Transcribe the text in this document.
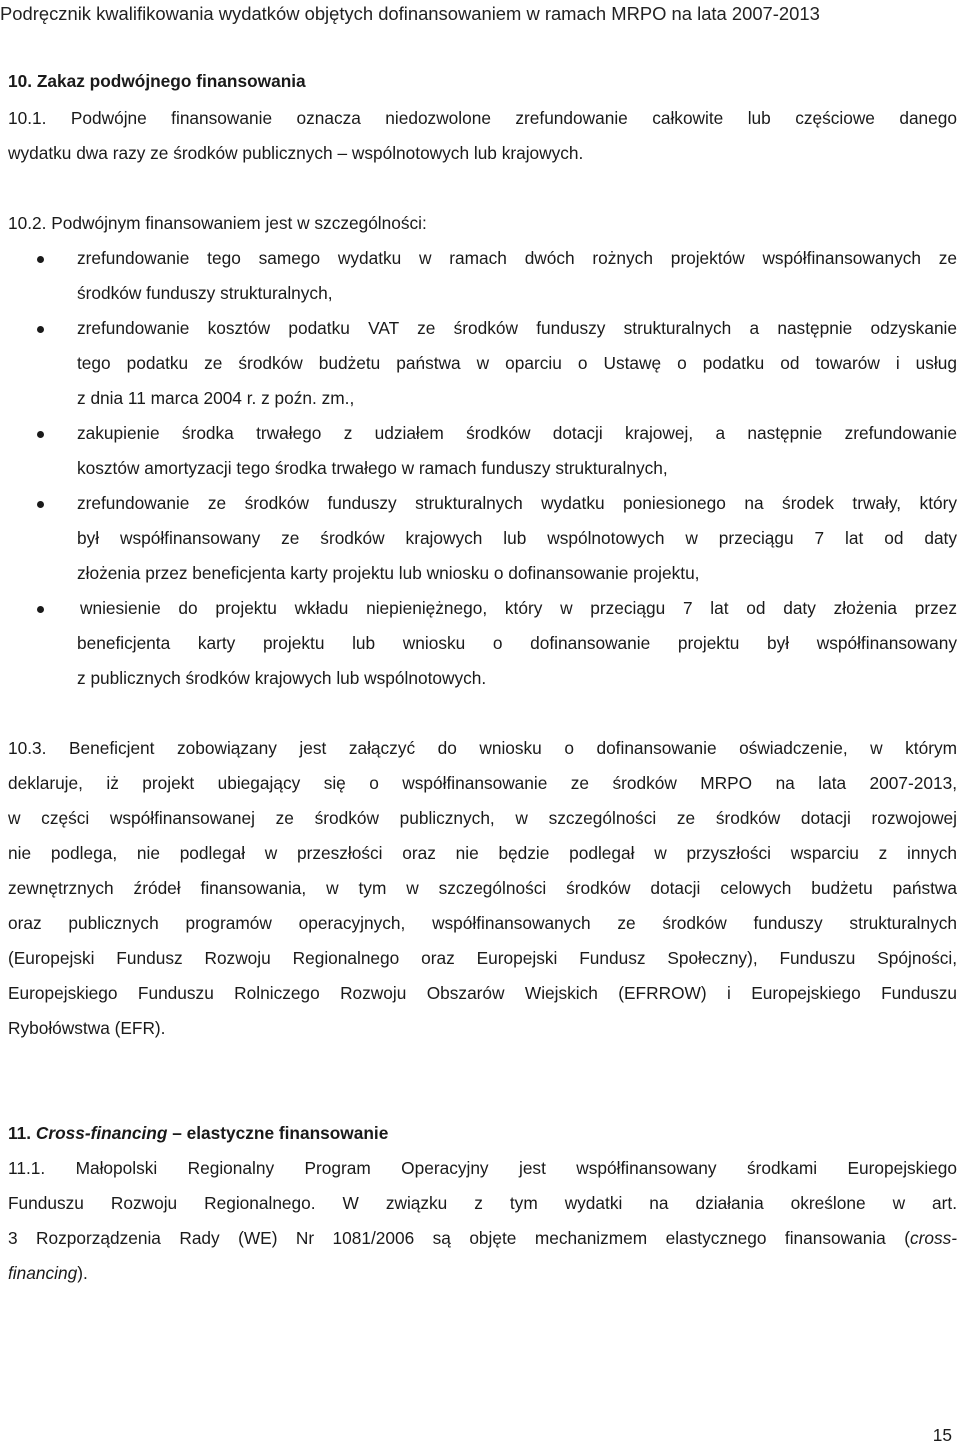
Podręcznik kwalifikowania wydatków objętych dofinansowaniem w ramach MRPO na lata 2007-2013
10. Zakaz podwójnego finansowania
10.1. Podwójne finansowanie oznacza niedozwolone zrefundowanie całkowite lub częściowe danego
wydatku dwa razy ze środków publicznych – wspólnotowych lub krajowych.
10.2. Podwójnym finansowaniem jest w szczególności:
zrefundowanie tego samego wydatku w ramach dwóch rożnych projektów współfinansowanych ze
środków funduszy strukturalnych,
zrefundowanie kosztów podatku VAT ze środków funduszy strukturalnych a następnie odzyskanie
tego podatku ze środków budżetu państwa w oparciu o Ustawę o podatku od towarów i usług
z dnia 11 marca 2004 r. z poźn. zm.,
zakupienie środka trwałego z udziałem środków dotacji krajowej, a następnie zrefundowanie
kosztów amortyzacji tego środka trwałego w ramach funduszy strukturalnych,
zrefundowanie ze środków funduszy strukturalnych wydatku poniesionego na środek trwały, który
był współfinansowany ze środków krajowych lub wspólnotowych w przeciągu 7 lat od daty
złożenia przez beneficjenta karty projektu lub wniosku o dofinansowanie projektu,
wniesienie do projektu wkładu niepieniężnego, który w przeciągu 7 lat od daty złożenia przez
beneficjenta karty projektu lub wniosku o dofinansowanie projektu był współfinansowany
z publicznych środków krajowych lub wspólnotowych.
10.3. Beneficjent zobowiązany jest załączyć do wniosku o dofinansowanie oświadczenie, w którym
deklaruje, iż projekt ubiegający się o współfinansowanie ze środków MRPO na lata 2007-2013,
w części współfinansowanej ze środków publicznych, w szczególności ze środków dotacji rozwojowej
nie podlega, nie podlegał w przeszłości oraz nie będzie podlegał w przyszłości wsparciu z innych
zewnętrznych źródeł finansowania, w tym w szczególności środków dotacji celowych budżetu państwa
oraz publicznych programów operacyjnych, współfinansowanych ze środków funduszy strukturalnych
(Europejski Fundusz Rozwoju Regionalnego oraz Europejski Fundusz Społeczny), Funduszu Spójności,
Europejskiego Funduszu Rolniczego Rozwoju Obszarów Wiejskich (EFRROW) i Europejskiego Funduszu
Rybołówstwa (EFR).
11. Cross-financing – elastyczne finansowanie
11.1. Małopolski Regionalny Program Operacyjny jest współfinansowany środkami Europejskiego
Funduszu Rozwoju Regionalnego. W związku z tym wydatki na działania określone w art.
3 Rozporządzenia Rady (WE) Nr 1081/2006 są objęte mechanizmem elastycznego finansowania (cross-
financing).
15
